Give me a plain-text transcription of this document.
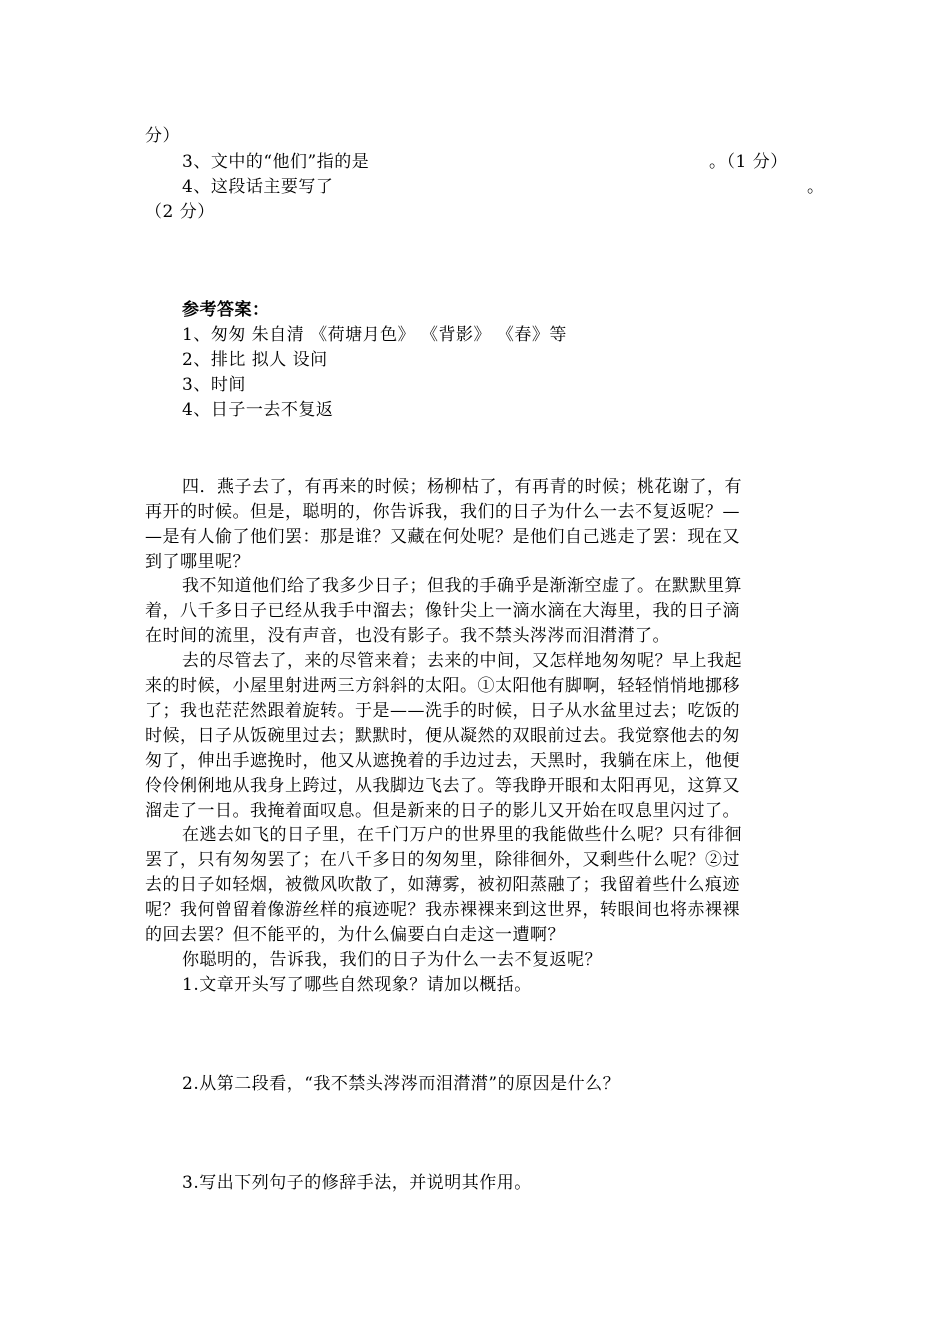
分）
3、文中的“他们”指的是	。（1 分）
4、这段话主要写了	。
（2 分）
参考答案：
1、匆匆 朱自清 《荷塘月色》 《背影》 《春》等
2、排比 拟人 设问
3、时间
4、日子一去不复返
四．燕子去了，有再来的时候；杨柳枯了，有再青的时候；桃花谢了，有
再开的时候。但是，聪明的，你告诉我，我们的日子为什么一去不复返呢？—
—是有人偷了他们罢：那是谁？又藏在何处呢？是他们自己逃走了罢：现在又
到了哪里呢？
我不知道他们给了我多少日子；但我的手确乎是渐渐空虚了。在默默里算
着，八千多日子已经从我手中溜去；像针尖上一滴水滴在大海里，我的日子滴
在时间的流里，没有声音，也没有影子。我不禁头涔涔而泪潸潸了。
去的尽管去了，来的尽管来着；去来的中间，又怎样地匆匆呢？早上我起
来的时候，小屋里射进两三方斜斜的太阳。①太阳他有脚啊，轻轻悄悄地挪移
了；我也茫茫然跟着旋转。于是——洗手的时候，日子从水盆里过去；吃饭的
时候，日子从饭碗里过去；默默时，便从凝然的双眼前过去。我觉察他去的匆
匆了，伸出手遮挽时，他又从遮挽着的手边过去，天黑时，我躺在床上，他便
伶伶俐俐地从我身上跨过，从我脚边飞去了。等我睁开眼和太阳再见，这算又
溜走了一日。我掩着面叹息。但是新来的日子的影儿又开始在叹息里闪过了。
在逃去如飞的日子里，在千门万户的世界里的我能做些什么呢？只有徘徊
罢了，只有匆匆罢了；在八千多日的匆匆里，除徘徊外，又剩些什么呢？②过
去的日子如轻烟，被微风吹散了，如薄雾，被初阳蒸融了；我留着些什么痕迹
呢？我何曾留着像游丝样的痕迹呢？我赤裸裸来到这世界，转眼间也将赤裸裸
的回去罢？但不能平的，为什么偏要白白走这一遭啊？
你聪明的，告诉我，我们的日子为什么一去不复返呢？
1.文章开头写了哪些自然现象？请加以概括。
2.从第二段看，“我不禁头涔涔而泪潸潸”的原因是什么？
3.写出下列句子的修辞手法，并说明其作用。
